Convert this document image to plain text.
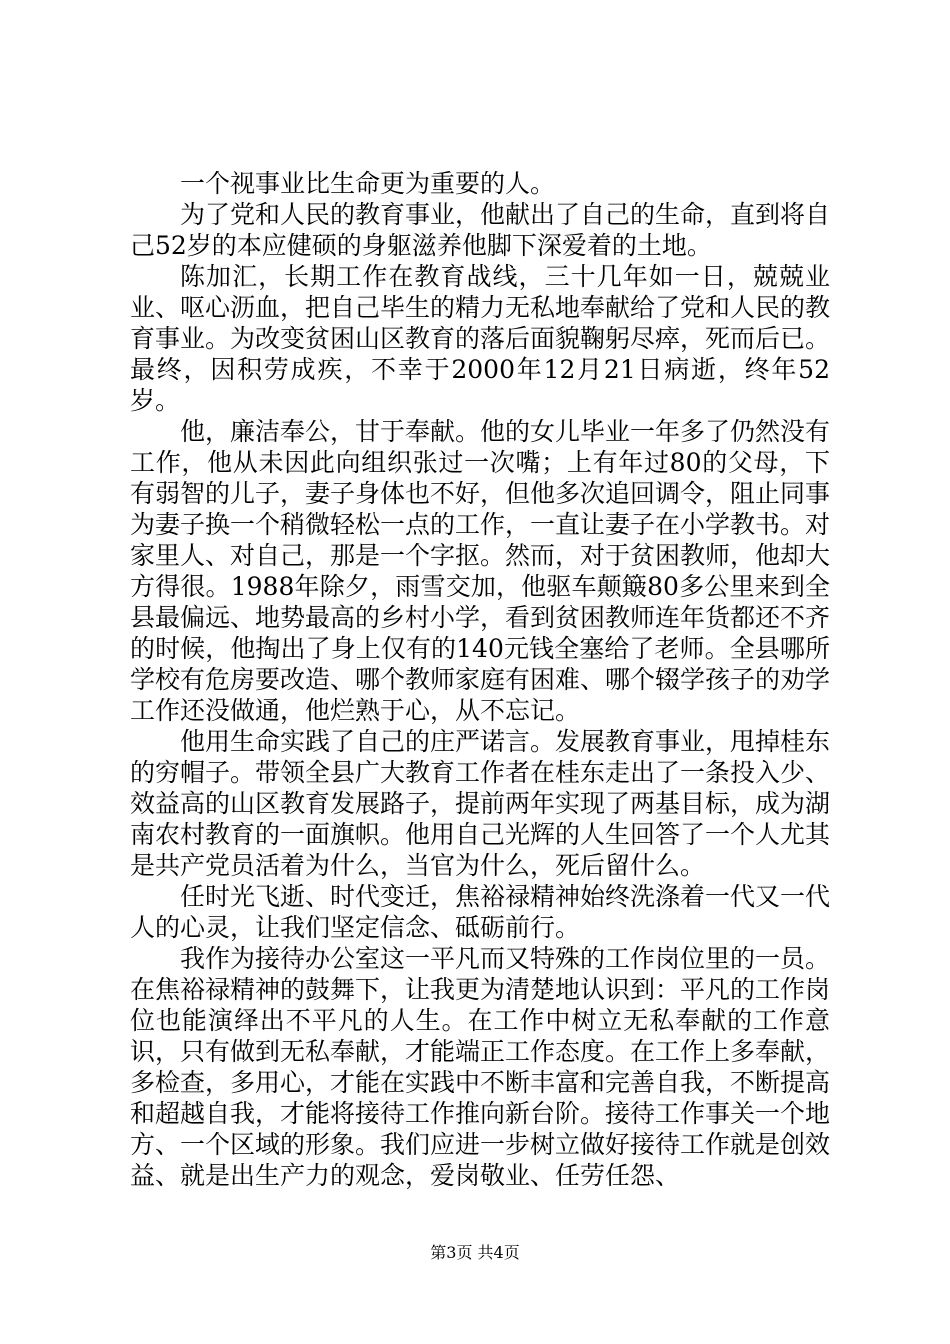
一个视事业比生命更为重要的人。

为了党和人民的教育事业，他献出了自己的生命，直到将自己52岁的本应健硕的身躯滋养他脚下深爱着的土地。

陈加汇，长期工作在教育战线，三十几年如一日，兢兢业业、呕心沥血，把自己毕生的精力无私地奉献给了党和人民的教育事业。为改变贫困山区教育的落后面貌鞠躬尽瘁，死而后已。最终，因积劳成疾，不幸于2000年12月21日病逝，终年52岁。

他，廉洁奉公，甘于奉献。他的女儿毕业一年多了仍然没有工作，他从未因此向组织张过一次嘴；上有年过80的父母，下有弱智的儿子，妻子身体也不好，但他多次追回调令，阻止同事为妻子换一个稍微轻松一点的工作，一直让妻子在小学教书。对家里人、对自己，那是一个字抠。然而，对于贫困教师，他却大方得很。1988年除夕，雨雪交加，他驱车颠簸80多公里来到全县最偏远、地势最高的乡村小学，看到贫困教师连年货都还不齐的时候，他掏出了身上仅有的140元钱全塞给了老师。全县哪所学校有危房要改造、哪个教师家庭有困难、哪个辍学孩子的劝学工作还没做通，他烂熟于心，从不忘记。

他用生命实践了自己的庄严诺言。发展教育事业，甩掉桂东的穷帽子。带领全县广大教育工作者在桂东走出了一条投入少、效益高的山区教育发展路子，提前两年实现了两基目标，成为湖南农村教育的一面旗帜。他用自己光辉的人生回答了一个人尤其是共产党员活着为什么，当官为什么，死后留什么。

任时光飞逝、时代变迁，焦裕禄精神始终洗涤着一代又一代人的心灵，让我们坚定信念、砥砺前行。

我作为接待办公室这一平凡而又特殊的工作岗位里的一员。在焦裕禄精神的鼓舞下，让我更为清楚地认识到：平凡的工作岗位也能演绎出不平凡的人生。在工作中树立无私奉献的工作意识，只有做到无私奉献，才能端正工作态度。在工作上多奉献，多检查，多用心，才能在实践中不断丰富和完善自我，不断提高和超越自我，才能将接待工作推向新台阶。接待工作事关一个地方、一个区域的形象。我们应进一步树立做好接待工作就是创效益、就是出生产力的观念，爱岗敬业、任劳任怨、

第3页 共4页
